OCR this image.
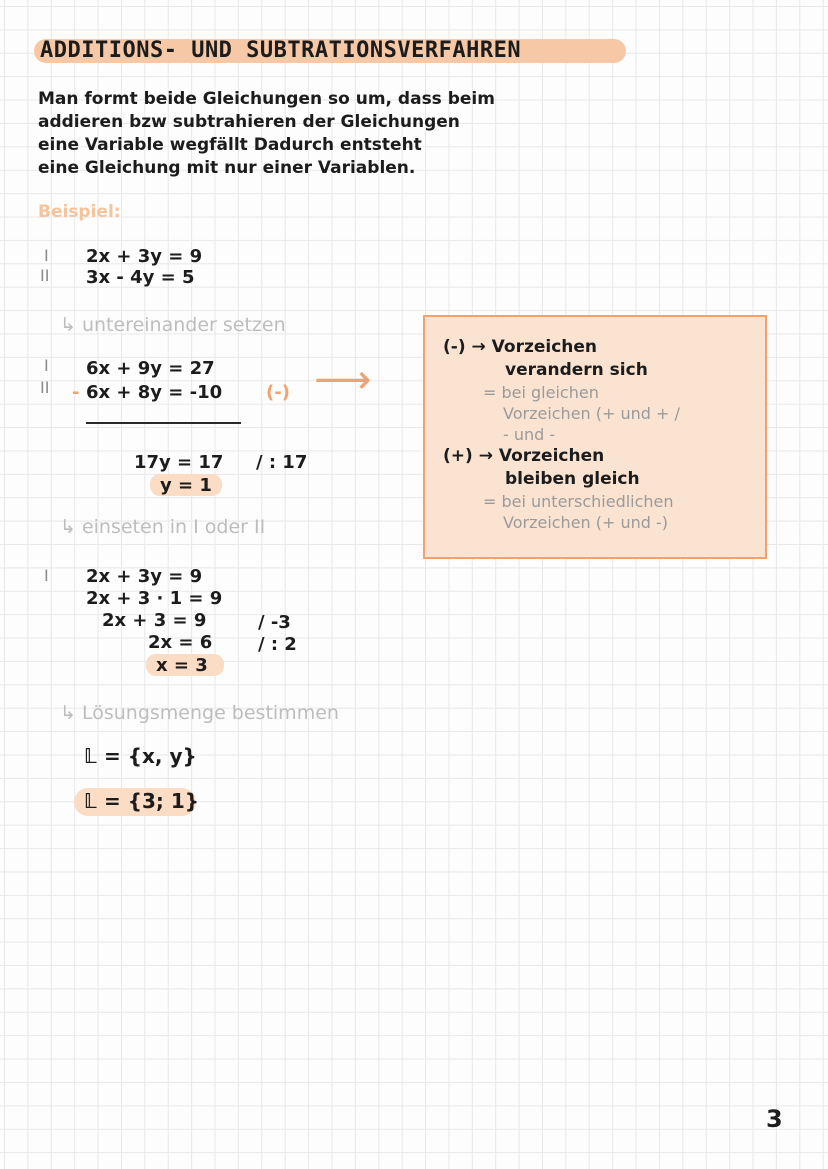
ADDITIONS- UND SUBTRATIONSVERFAHREN
Man formt beide Gleichungen so um, dass beim
addieren bzw subtrahieren der Gleichungen
eine Variable wegfällt Dadurch entsteht
eine Gleichung mit nur einer Variablen.
Beispiel:
I
II
2x + 3y = 9
3x - 4y = 5
↳ untereinander setzen
I
II
6x + 9y = 27
- 6x + 8y = -10 (-) ⟶
17y = 17 / : 17
y = 1
↳ einseten in I oder II
I 2x + 3y = 9
2x + 3 · 1 = 9
2x + 3 = 9	/ -3
2x = 6	/ : 2
x = 3
↳ Lösungsmenge bestimmen
𝕃 = {x, y}
𝕃 = {3; 1}
(-) → Vorzeichen
verandern sich
= bei gleichen
Vorzeichen (+ und + /
- und -
(+) → Vorzeichen
bleiben gleich
= bei unterschiedlichen
Vorzeichen (+ und -)
3
